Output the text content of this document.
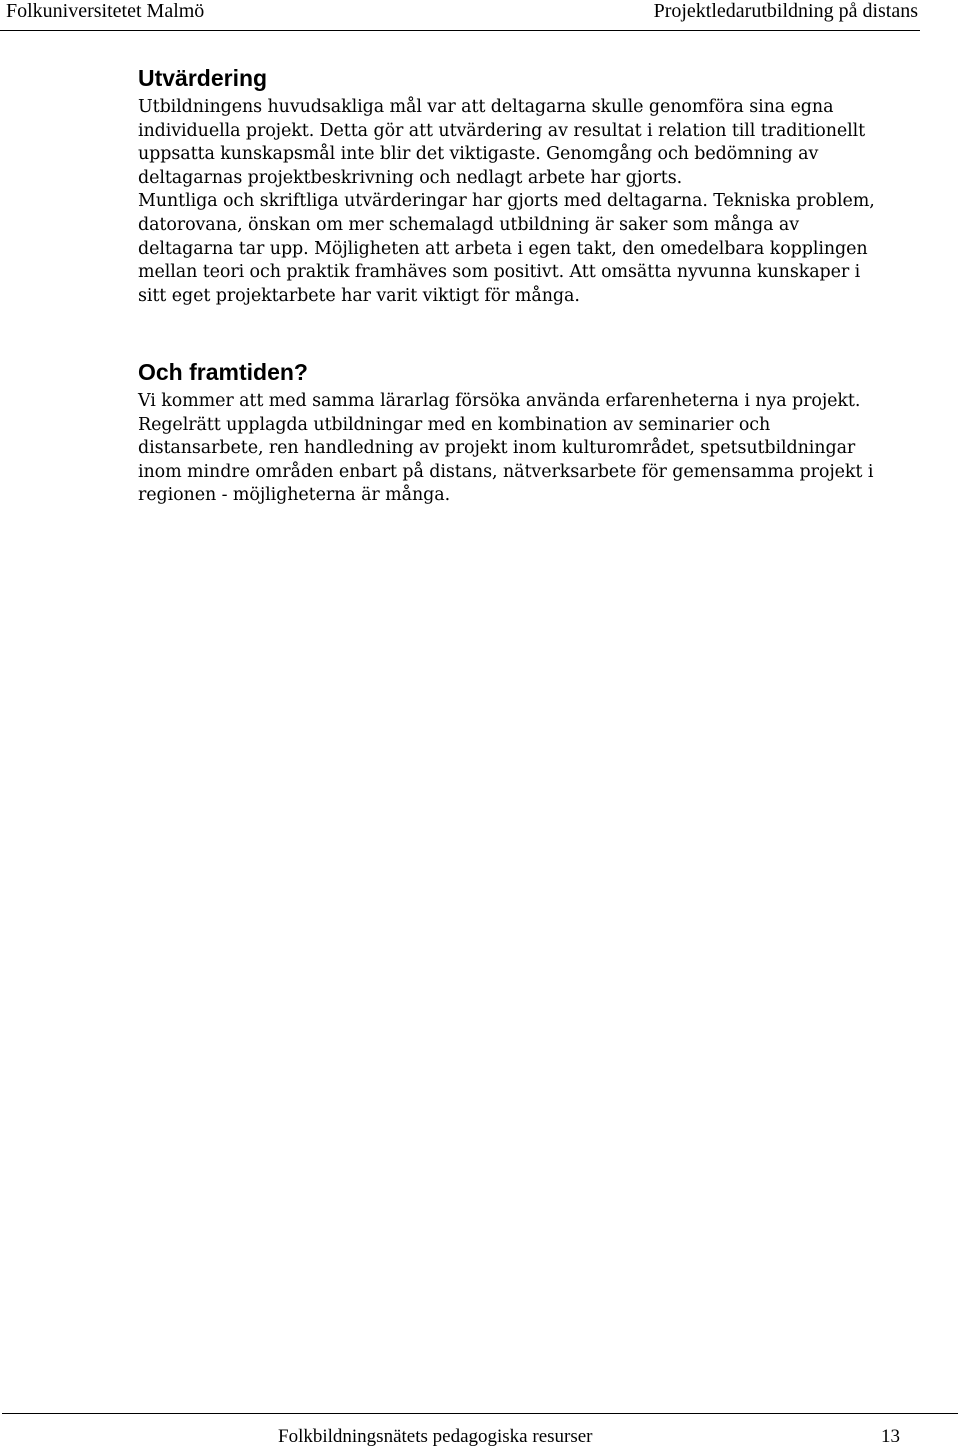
Folkuniversitetet Malmö	Projektledarutbildning på distans
Utvärdering
Utbildningens huvudsakliga mål var att deltagarna skulle genomföra sina egna
individuella projekt. Detta gör att utvärdering av resultat i relation till traditionellt
uppsatta kunskapsmål inte blir det viktigaste. Genomgång och bedömning av
deltagarnas projektbeskrivning och nedlagt arbete har gjorts.
Muntliga och skriftliga utvärderingar har gjorts med deltagarna. Tekniska problem,
datorovana, önskan om mer schemalagd utbildning är saker som många av
deltagarna tar upp. Möjligheten att arbeta i egen takt, den omedelbara kopplingen
mellan teori och praktik framhäves som positivt. Att omsätta nyvunna kunskaper i
sitt eget projektarbete har varit viktigt för många.
Och framtiden?
Vi kommer att med samma lärarlag försöka använda erfarenheterna i nya projekt.
Regelrätt upplagda utbildningar med en kombination av seminarier och
distansarbete, ren handledning av projekt inom kulturområdet, spetsutbildningar
inom mindre områden enbart på distans, nätverksarbete för gemensamma projekt i
regionen - möjligheterna är många.
Folkbildningsnätets pedagogiska resurser	13
